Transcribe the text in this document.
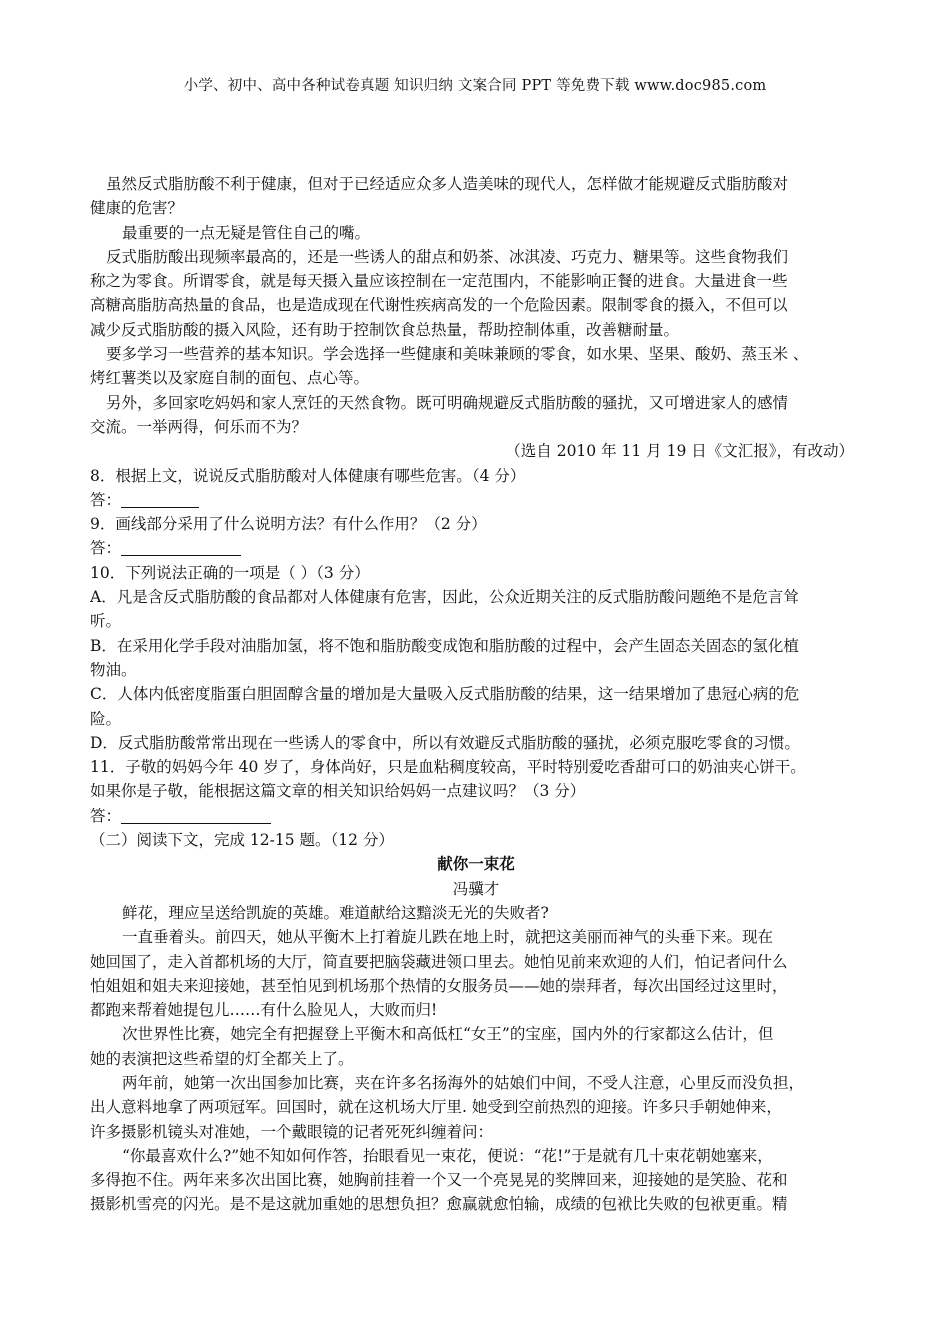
小学、初中、高中各种试卷真题 知识归纳 文案合同 PPT 等免费下载 www.doc985.com
虽然反式脂肪酸不利于健康，但对于已经适应众多人造美味的现代人，怎样做才能规避反式脂肪酸对
健康的危害？
最重要的一点无疑是管住自己的嘴。
反式脂肪酸出现频率最高的，还是一些诱人的甜点和奶茶、冰淇凌、巧克力、糖果等。这些食物我们
称之为零食。所谓零食，就是每天摄入量应该控制在一定范围内，不能影响正餐的进食。大量进食一些
高糖高脂肪高热量的食品，也是造成现在代谢性疾病高发的一个危险因素。限制零食的摄入，不但可以
减少反式脂肪酸的摄入风险，还有助于控制饮食总热量，帮助控制体重，改善糖耐量。
要多学习一些营养的基本知识。学会选择一些健康和美味兼顾的零食，如水果、坚果、酸奶、蒸玉米 、
烤红薯类以及家庭自制的面包、点心等。
另外，多回家吃妈妈和家人烹饪的天然食物。既可明确规避反式脂肪酸的骚扰，又可增进家人的感情
交流。一举两得，何乐而不为？
（选自 2010 年 11 月 19 日《文汇报》，有改动）
8．根据上文，说说反式脂肪酸对人体健康有哪些危害。（4 分）
答：
9．画线部分采用了什么说明方法？有什么作用？（2 分）
答：
10．下列说法正确的一项是（ ）（3 分）
A．凡是含反式脂肪酸的食品都对人体健康有危害，因此，公众近期关注的反式脂肪酸问题绝不是危言耸
听。
B．在采用化学手段对油脂加氢，将不饱和脂肪酸变成饱和脂肪酸的过程中，会产生固态关固态的氢化植
物油。
C．人体内低密度脂蛋白胆固醇含量的增加是大量吸入反式脂肪酸的结果，这一结果增加了患冠心病的危
险。
D．反式脂肪酸常常出现在一些诱人的零食中，所以有效避反式脂肪酸的骚扰，必须克服吃零食的习惯。
11．子敬的妈妈今年 40 岁了，身体尚好，只是血粘稠度较高，平时特别爱吃香甜可口的奶油夹心饼干。
如果你是子敬，能根据这篇文章的相关知识给妈妈一点建议吗？（3 分）
答：
（二）阅读下文，完成 12-15 题。（12 分）
献你一束花
冯骥才
鲜花，理应呈送给凯旋的英雄。难道献给这黯淡无光的失败者?
一直垂着头。前四天，她从平衡木上打着旋儿跌在地上时，就把这美丽而神气的头垂下来。现在
她回国了，走入首都机场的大厅，简直要把脑袋藏进领口里去。她怕见前来欢迎的人们，怕记者问什么
怕姐姐和姐夫来迎接她，甚至怕见到机场那个热情的女服务员——她的崇拜者，每次出国经过这里时，
都跑来帮着她提包儿……有什么脸见人，大败而归!
次世界性比赛，她完全有把握登上平衡木和高低杠“女王”的宝座，国内外的行家都这么估计，但
她的表演把这些希望的灯全都关上了。
两年前，她第一次出国参加比赛，夹在许多名扬海外的姑娘们中间，不受人注意，心里反而没负担，
出人意料地拿了两项冠军。回国时，就在这机场大厅里. 她受到空前热烈的迎接。许多只手朝她伸来，
许多摄影机镜头对准她，一个戴眼镜的记者死死纠缠着问：
“你最喜欢什么?”她不知如何作答，抬眼看见一束花，便说：“花!”于是就有几十束花朝她塞来，
多得抱不住。两年来多次出国比赛，她胸前挂着一个又一个亮晃晃的奖牌回来，迎接她的是笑脸、花和
摄影机雪亮的闪光。是不是这就加重她的思想负担？愈赢就愈怕输，成绩的包袱比失败的包袱更重。精
